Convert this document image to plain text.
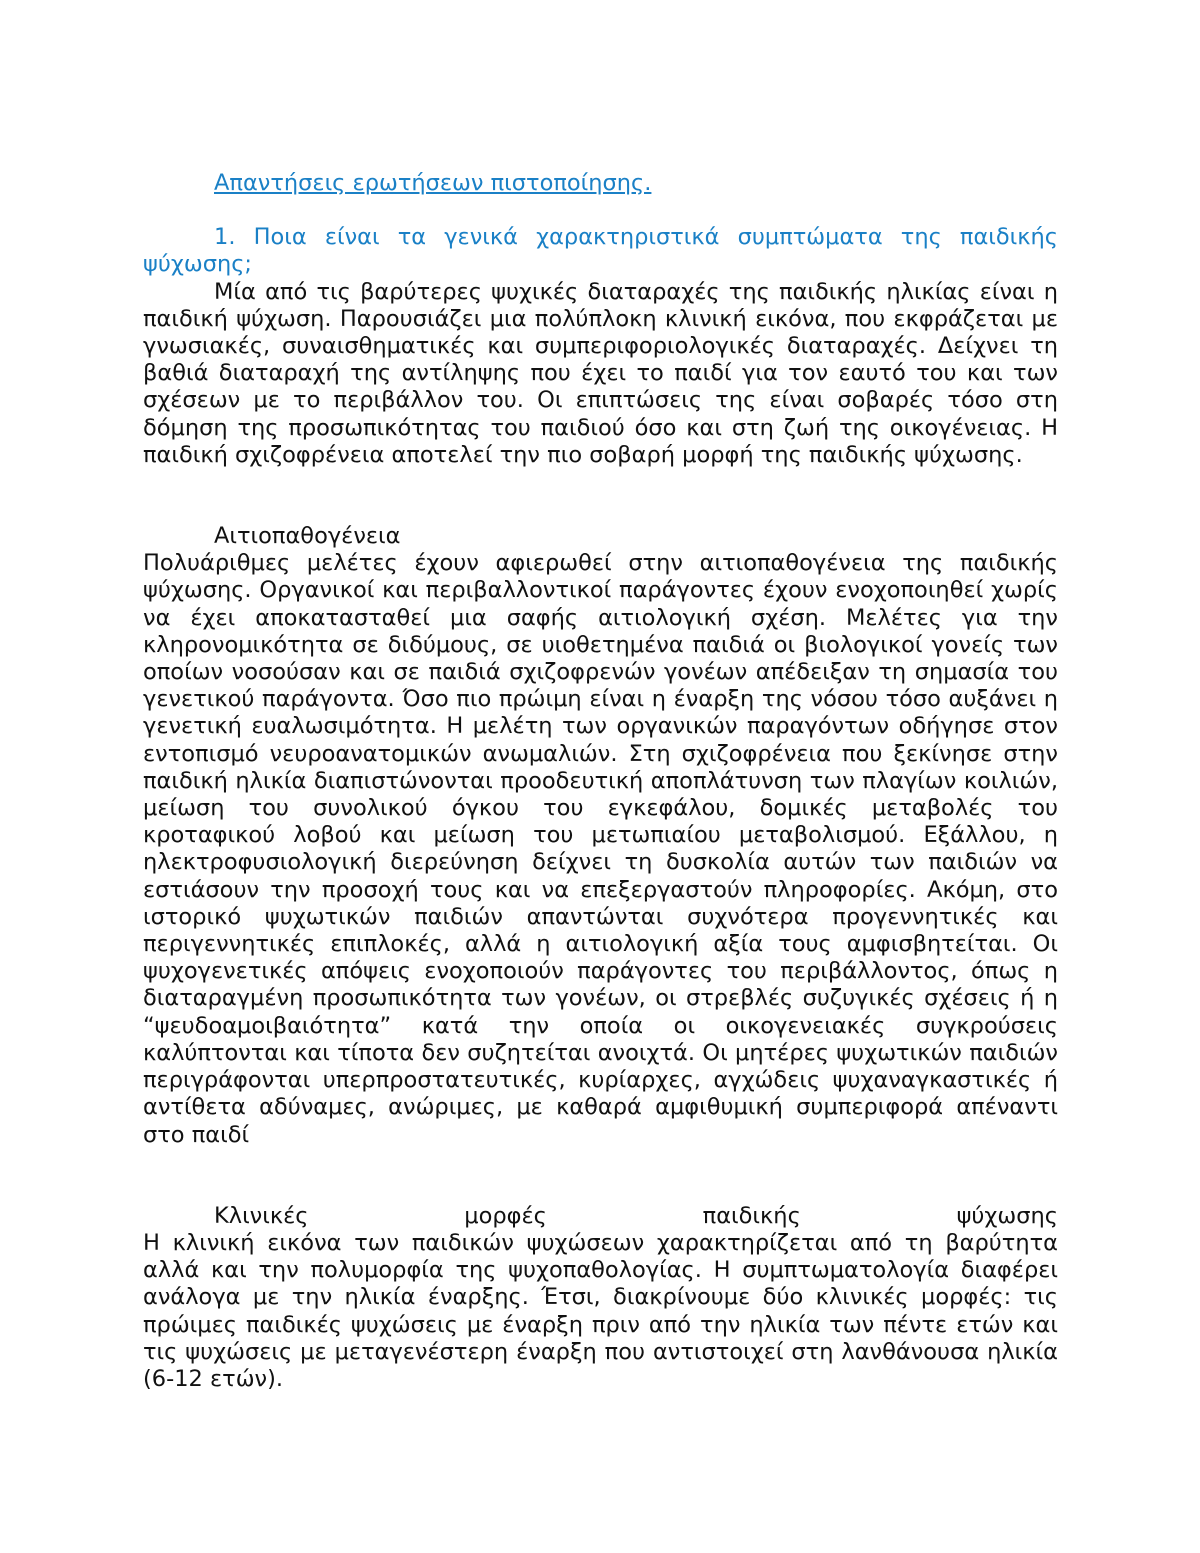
Απαντήσεις ερωτήσεων πιστοποίησης.

1. Ποια είναι τα γενικά χαρακτηριστικά συμπτώματα της παιδικής ψύχωσης;

Μία από τις βαρύτερες ψυχικές διαταραχές της παιδικής ηλικίας είναι η παιδική ψύχωση. Παρουσιάζει μια πολύπλοκη κλινική εικόνα, που εκφράζεται με γνωσιακές, συναισθηματικές και συμπεριφοριολογικές διαταραχές. Δείχνει τη βαθιά διαταραχή της αντίληψης που έχει το παιδί για τον εαυτό του και των σχέσεων με το περιβάλλον του. Οι επιπτώσεις της είναι σοβαρές τόσο στη δόμηση της προσωπικότητας του παιδιού όσο και στη ζωή της οικογένειας. Η παιδική σχιζοφρένεια αποτελεί την πιο σοβαρή μορφή της παιδικής ψύχωσης.

Αιτιοπαθογένεια

Πολυάριθμες μελέτες έχουν αφιερωθεί στην αιτιοπαθογένεια της παιδικής ψύχωσης. Οργανικοί και περιβαλλοντικοί παράγοντες έχουν ενοχοποιηθεί χωρίς να έχει αποκατασταθεί μια σαφής αιτιολογική σχέση. Μελέτες για την κληρονομικότητα σε διδύμους, σε υιοθετημένα παιδιά οι βιολογικοί γονείς των οποίων νοσούσαν και σε παιδιά σχιζοφρενών γονέων απέδειξαν τη σημασία του γενετικού παράγοντα. Όσο πιο πρώιμη είναι η έναρξη της νόσου τόσο αυξάνει η γενετική ευαλωσιμότητα. Η μελέτη των οργανικών παραγόντων οδήγησε στον εντοπισμό νευροανατομικών ανωμαλιών. Στη σχιζοφρένεια που ξεκίνησε στην παιδική ηλικία διαπιστώνονται προοδευτική αποπλάτυνση των πλαγίων κοιλιών, μείωση του συνολικού όγκου του εγκεφάλου, δομικές μεταβολές του κροταφικού λοβού και μείωση του μετωπιαίου μεταβολισμού. Εξάλλου, η ηλεκτροφυσιολογική διερεύνηση δείχνει τη δυσκολία αυτών των παιδιών να εστιάσουν την προσοχή τους και να επεξεργαστούν πληροφορίες. Ακόμη, στο ιστορικό ψυχωτικών παιδιών απαντώνται συχνότερα προγεννητικές και περιγεννητικές επιπλοκές, αλλά η αιτιολογική αξία τους αμφισβητείται. Οι ψυχογενετικές απόψεις ενοχοποιούν παράγοντες του περιβάλλοντος, όπως η διαταραγμένη προσωπικότητα των γονέων, οι στρεβλές συζυγικές σχέσεις ή η “ψευδοαμοιβαιότητα” κατά την οποία οι οικογενειακές συγκρούσεις καλύπτονται και τίποτα δεν συζητείται ανοιχτά. Οι μητέρες ψυχωτικών παιδιών περιγράφονται υπερπροστατευτικές, κυρίαρχες, αγχώδεις ψυχαναγκαστικές ή αντίθετα αδύναμες, ανώριμες, με καθαρά αμφιθυμική συμπεριφορά απέναντι στο παιδί

Κλινικές μορφές παιδικής ψύχωσης

Η κλινική εικόνα των παιδικών ψυχώσεων χαρακτηρίζεται από τη βαρύτητα αλλά και την πολυμορφία της ψυχοπαθολογίας. Η συμπτωματολογία διαφέρει ανάλογα με την ηλικία έναρξης. Έτσι, διακρίνουμε δύο κλινικές μορφές: τις πρώιμες παιδικές ψυχώσεις με έναρξη πριν από την ηλικία των πέντε ετών και τις ψυχώσεις με μεταγενέστερη έναρξη που αντιστοιχεί στη λανθάνουσα ηλικία (6-12 ετών).
